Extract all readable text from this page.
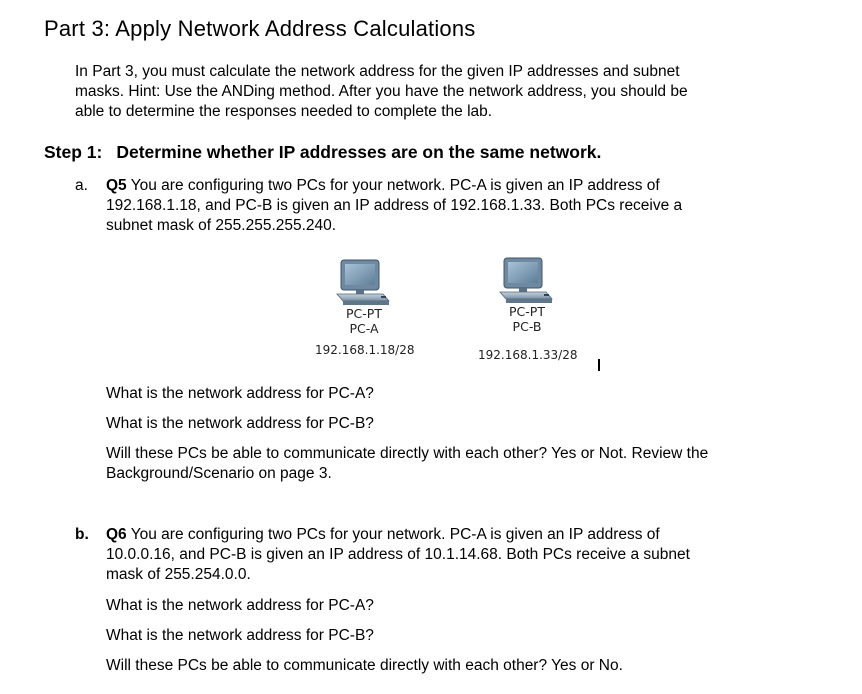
Part 3: Apply Network Address Calculations
In Part 3, you must calculate the network address for the given IP addresses and subnet
masks. Hint: Use the ANDing method. After you have the network address, you should be
able to determine the responses needed to complete the lab.
Step 1: Determine whether IP addresses are on the same network.
a. Q5 You are configuring two PCs for your network. PC-A is given an IP address of
192.168.1.18, and PC-B is given an IP address of 192.168.1.33. Both PCs receive a
subnet mask of 255.255.255.240.
PC-PT
PC-A
192.168.1.18/28
PC-PT
PC-B
192.168.1.33/28
What is the network address for PC-A?
What is the network address for PC-B?
Will these PCs be able to communicate directly with each other? Yes or Not. Review the
Background/Scenario on page 3.
b. Q6 You are configuring two PCs for your network. PC-A is given an IP address of
10.0.0.16, and PC-B is given an IP address of 10.1.14.68. Both PCs receive a subnet
mask of 255.254.0.0.
What is the network address for PC-A?
What is the network address for PC-B?
Will these PCs be able to communicate directly with each other? Yes or No.
